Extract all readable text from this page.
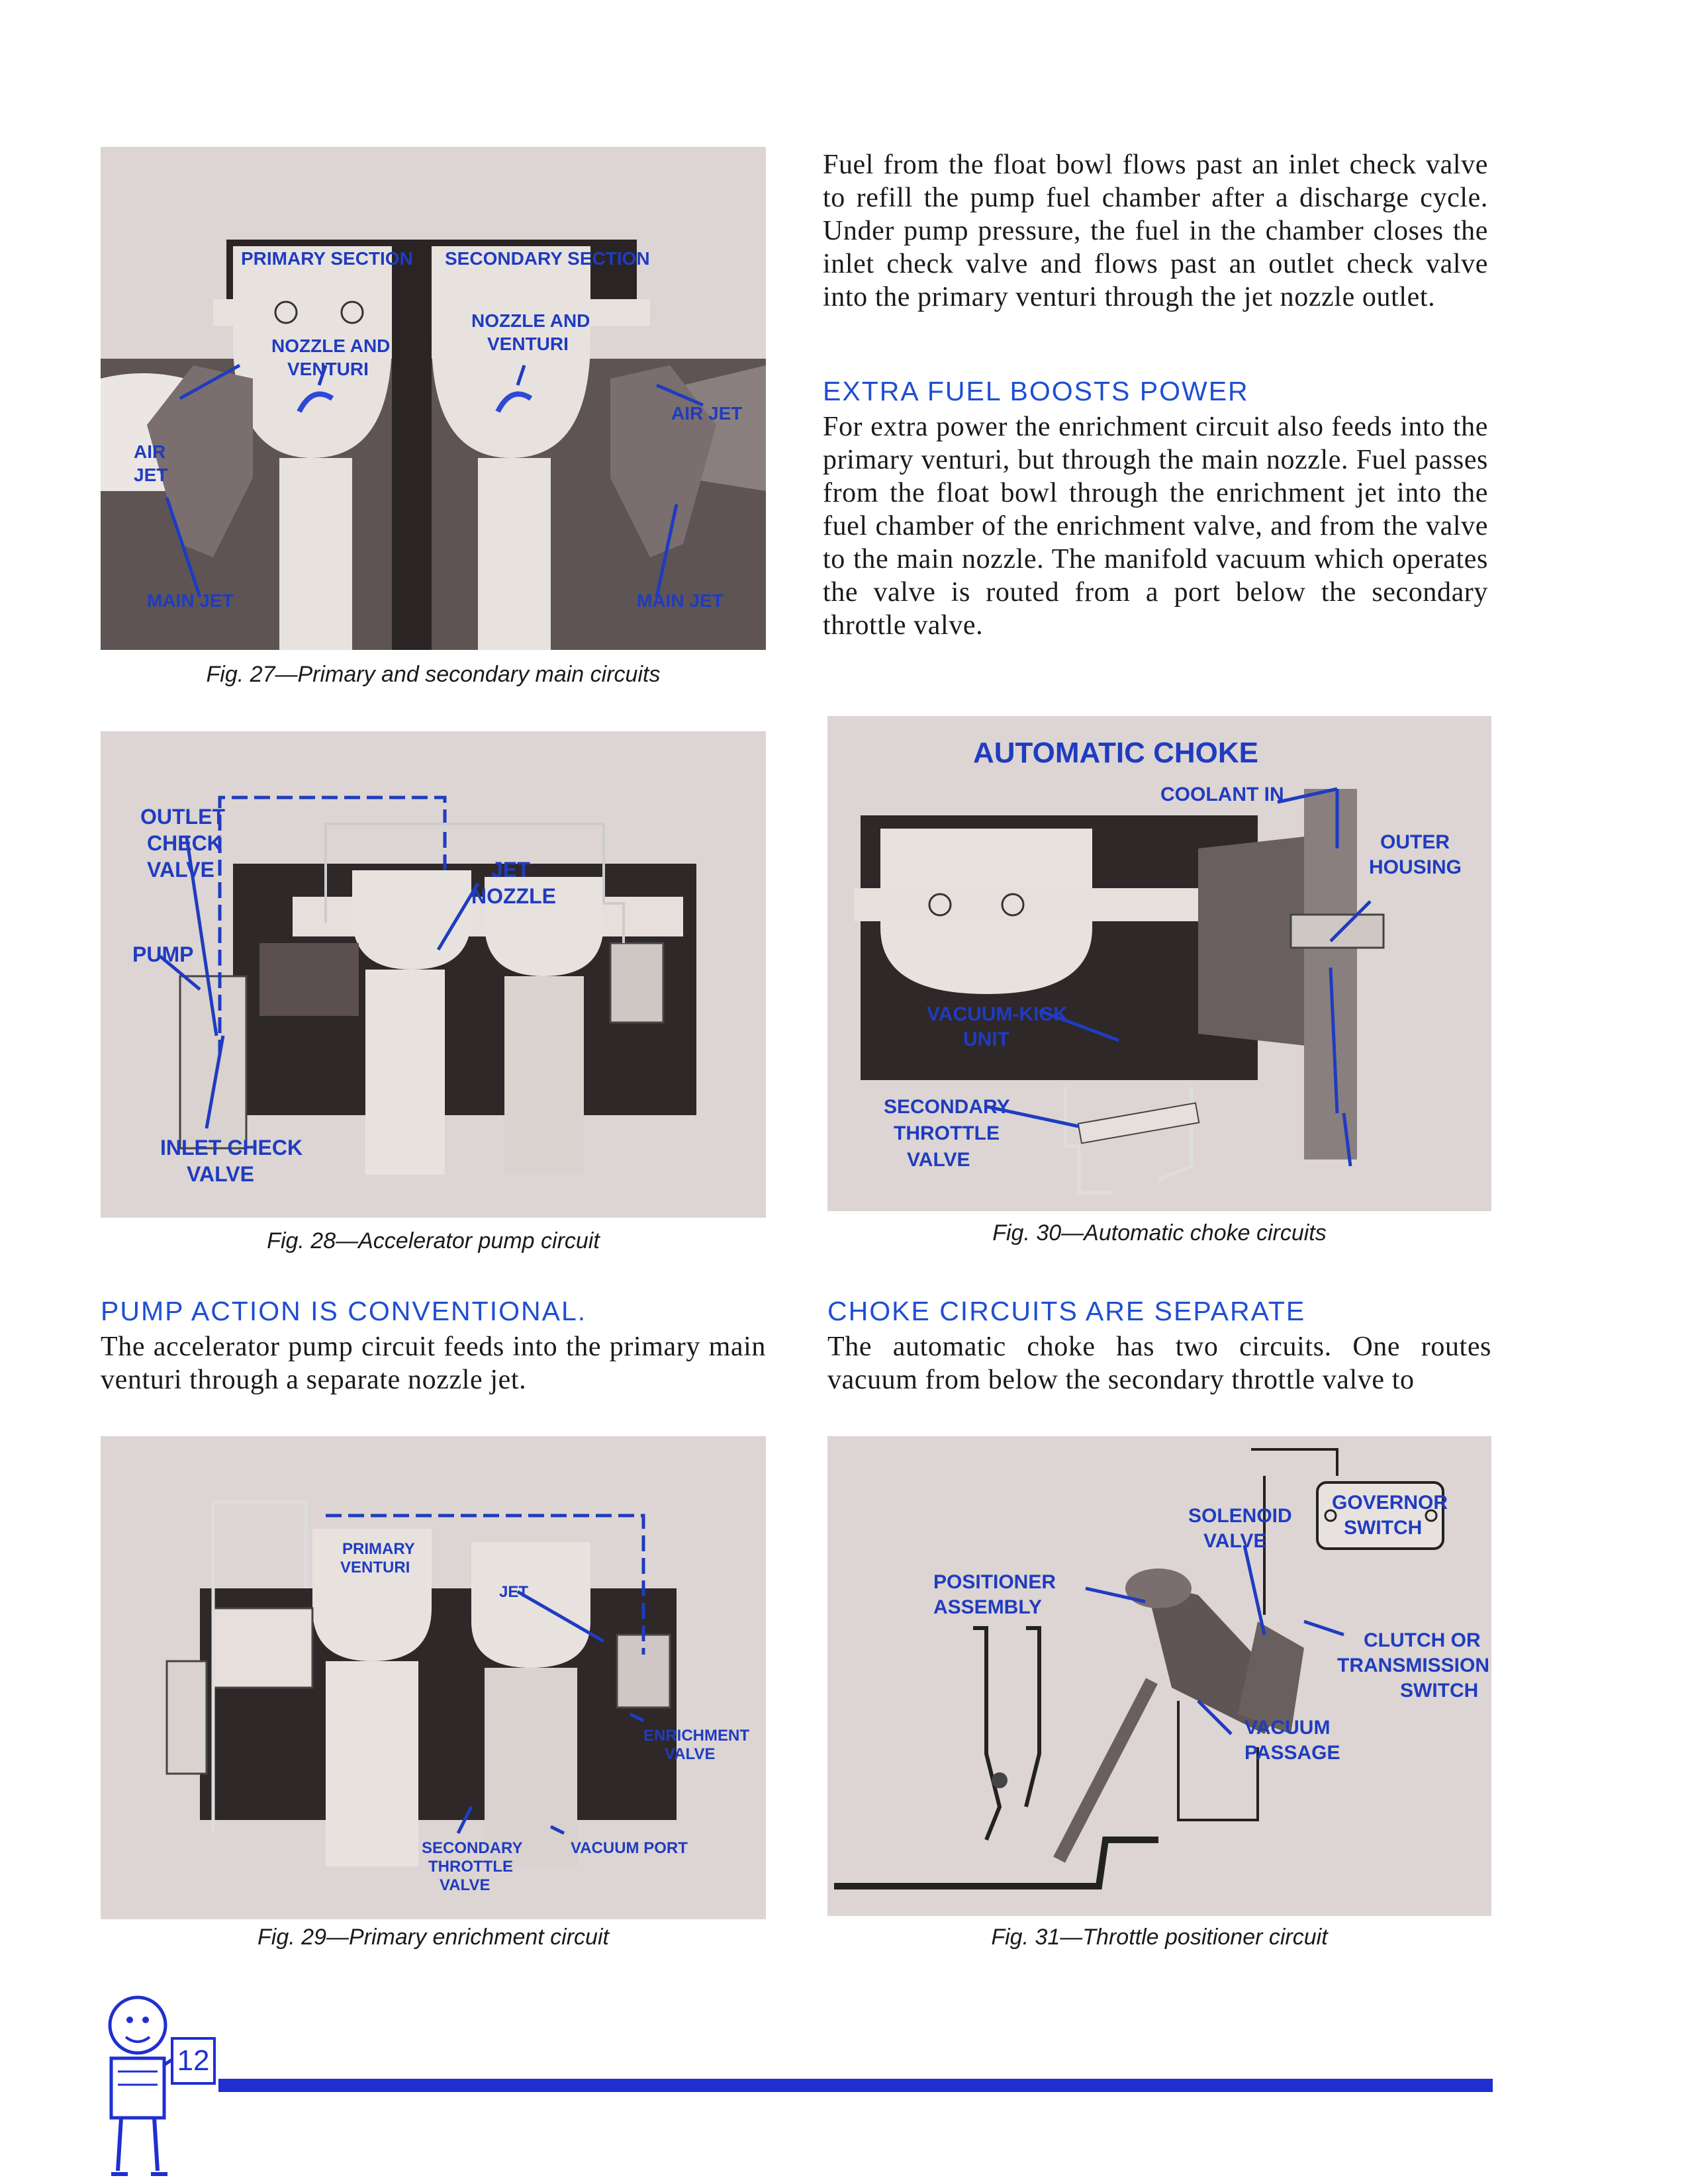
Fuel from the float bowl flows past an inlet check valve to refill the pump fuel chamber after a discharge cycle. Under pump pressure, the fuel in the chamber closes the inlet check valve and flows past an outlet check valve into the primary venturi through the jet nozzle outlet.
EXTRA FUEL BOOSTS POWER
For extra power the enrichment circuit also feeds into the primary venturi, but through the main nozzle. Fuel passes from the float bowl through the enrichment jet into the fuel chamber of the enrichment valve, and from the valve to the main nozzle. The manifold vacuum which operates the valve is routed from a port below the secondary throttle valve.
PRIMARY SECTION SECONDARY SECTION
NOZZLE AND
VENTURI
NOZZLE AND
VENTURI
AIR JET
AIR
JET
MAIN JET	MAIN JET
Fig. 27—Primary and secondary main circuits
OUTLET
CHECK
VALVE	JET
NOZZLE
PUMP
INLET CHECK
VALVE
Fig. 28—Accelerator pump circuit
PUMP ACTION IS CONVENTIONAL.
The accelerator pump circuit feeds into the primary main venturi through a separate nozzle jet.
PRIMARY
VENTURI
JET
ENRICHMENT
VALVE
SECONDARY
THROTTLE
VALVE
VACUUM PORT
Fig. 29—Primary enrichment circuit
AUTOMATIC CHOKE
COOLANT IN
OUTER
HOUSING
VACUUM-KICK
UNIT
SECONDARY
THROTTLE
VALVE
Fig. 30—Automatic choke circuits
CHOKE CIRCUITS ARE SEPARATE
The automatic choke has two circuits. One routes vacuum from below the secondary throttle valve to
SOLENOID
VALVE
GOVERNOR
SWITCH
POSITIONER
ASSEMBLY
CLUTCH OR
TRANSMISSION
SWITCH
VACUUM
PASSAGE
Fig. 31—Throttle positioner circuit
12
